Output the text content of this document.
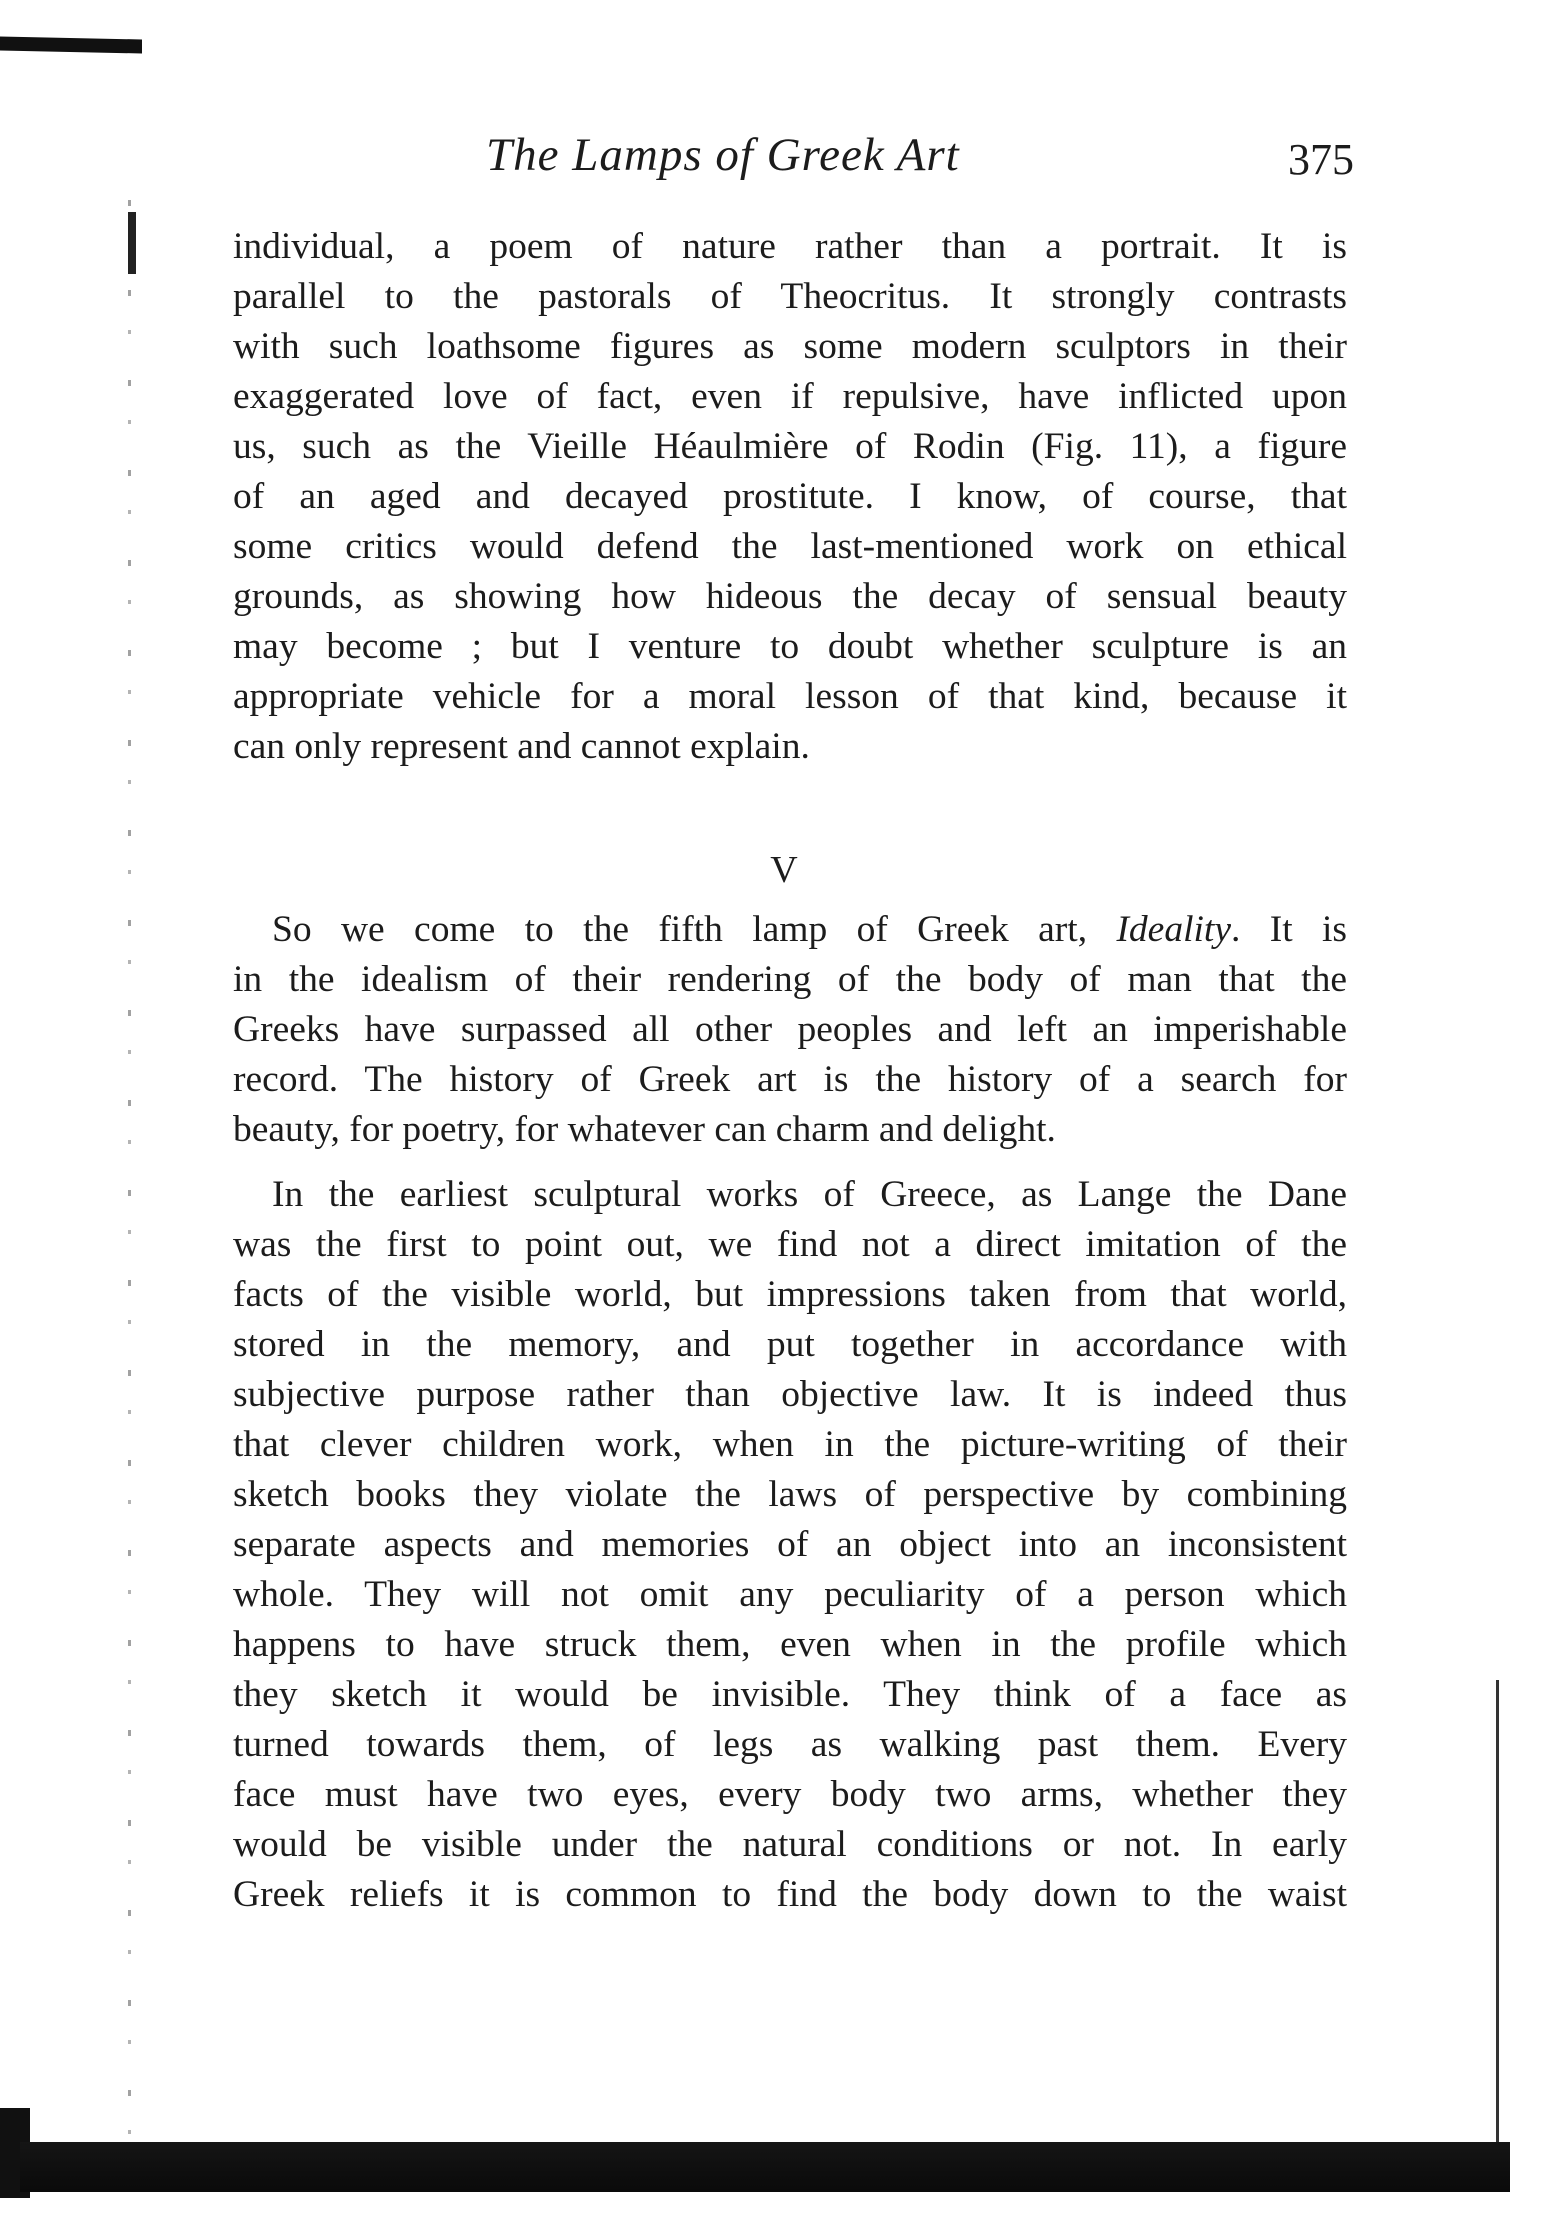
The Lamps of Greek Art	375
individual, a poem of nature rather than a portrait. It is
parallel to the pastorals of Theocritus. It strongly contrasts
with such loathsome figures as some modern sculptors in their
exaggerated love of fact, even if repulsive, have inflicted upon
us, such as the Vieille Héaulmière of Rodin (Fig. 11), a figure
of an aged and decayed prostitute. I know, of course, that
some critics would defend the last-mentioned work on ethical
grounds, as showing how hideous the decay of sensual beauty
may become ; but I venture to doubt whether sculpture is an
appropriate vehicle for a moral lesson of that kind, because it
can only represent and cannot explain.
V
So we come to the fifth lamp of Greek art, Ideality. It is
in the idealism of their rendering of the body of man that the
Greeks have surpassed all other peoples and left an imperishable
record. The history of Greek art is the history of a search for
beauty, for poetry, for whatever can charm and delight.
In the earliest sculptural works of Greece, as Lange the Dane
was the first to point out, we find not a direct imitation of the
facts of the visible world, but impressions taken from that world,
stored in the memory, and put together in accordance with
subjective purpose rather than objective law. It is indeed thus
that clever children work, when in the picture-writing of their
sketch books they violate the laws of perspective by combining
separate aspects and memories of an object into an inconsistent
whole. They will not omit any peculiarity of a person which
happens to have struck them, even when in the profile which
they sketch it would be invisible. They think of a face as
turned towards them, of legs as walking past them. Every
face must have two eyes, every body two arms, whether they
would be visible under the natural conditions or not. In early
Greek reliefs it is common to find the body down to the waist
